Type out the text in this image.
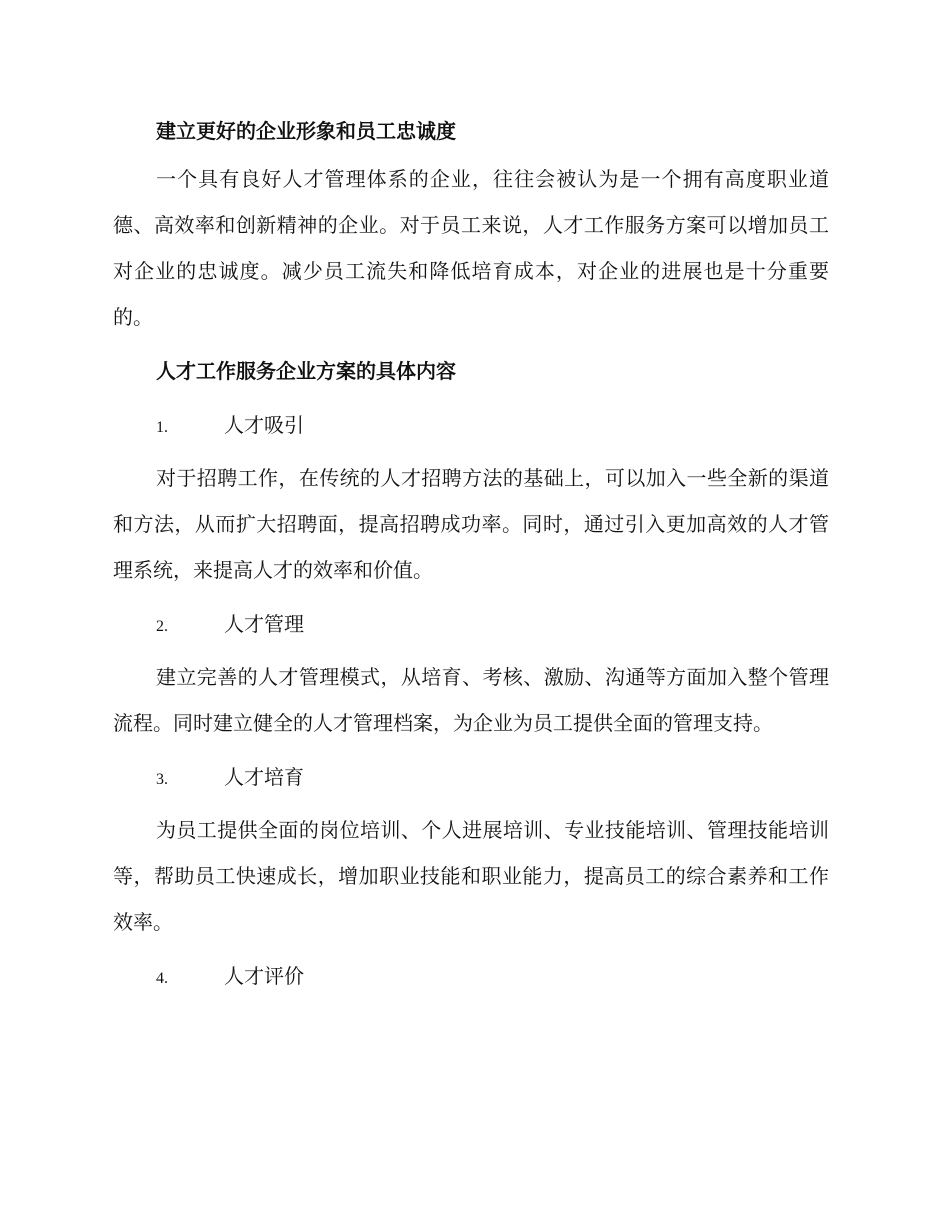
建立更好的企业形象和员工忠诚度

一个具有良好人才管理体系的企业，往往会被认为是一个拥有高度职业道德、高效率和创新精神的企业。对于员工来说，人才工作服务方案可以增加员工对企业的忠诚度。减少员工流失和降低培育成本，对企业的进展也是十分重要的。

人才工作服务企业方案的具体内容
1.	人才吸引

对于招聘工作，在传统的人才招聘方法的基础上，可以加入一些全新的渠道和方法，从而扩大招聘面，提高招聘成功率。同时，通过引入更加高效的人才管理系统，来提高人才的效率和价值。

2.	人才管理

建立完善的人才管理模式，从培育、考核、激励、沟通等方面加入整个管理流程。同时建立健全的人才管理档案，为企业为员工提供全面的管理支持。

3.	人才培育

为员工提供全面的岗位培训、个人进展培训、专业技能培训、管理技能培训等，帮助员工快速成长，增加职业技能和职业能力，提高员工的综合素养和工作效率。

4.	人才评价
